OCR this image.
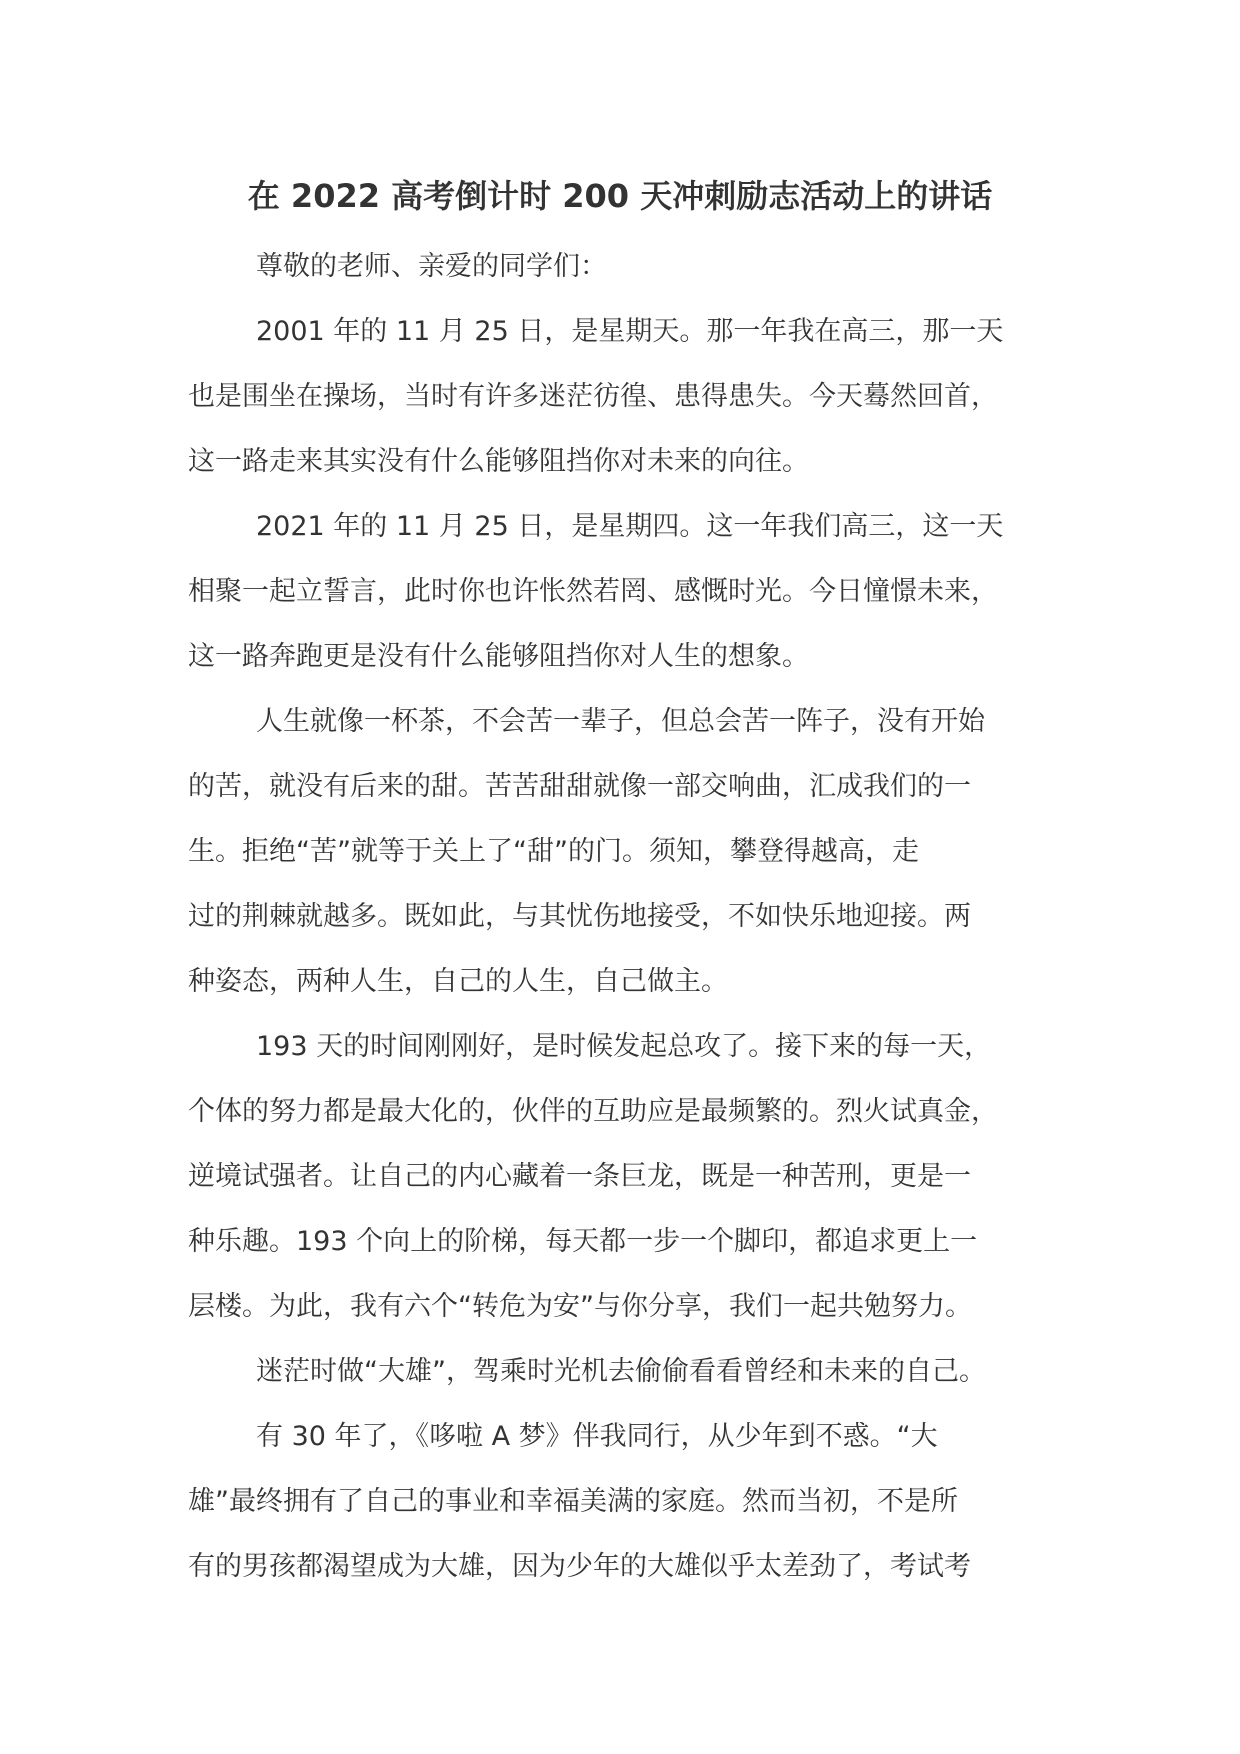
在 2022 高考倒计时 200 天冲刺励志活动上的讲话
尊敬的老师、亲爱的同学们：
2001 年的 11 月 25 日，是星期天。那一年我在高三，那一天
也是围坐在操场，当时有许多迷茫彷徨、患得患失。今天蓦然回首，
这一路走来其实没有什么能够阻挡你对未来的向往。
2021 年的 11 月 25 日，是星期四。这一年我们高三，这一天
相聚一起立誓言，此时你也许怅然若罔、感慨时光。今日憧憬未来，
这一路奔跑更是没有什么能够阻挡你对人生的想象。
人生就像一杯茶，不会苦一辈子，但总会苦一阵子，没有开始
的苦，就没有后来的甜。苦苦甜甜就像一部交响曲，汇成我们的一
生。拒绝“苦”就等于关上了“甜”的门。须知，攀登得越高，走
过的荆棘就越多。既如此，与其忧伤地接受，不如快乐地迎接。两
种姿态，两种人生，自己的人生，自己做主。
193 天的时间刚刚好，是时候发起总攻了。接下来的每一天，
个体的努力都是最大化的，伙伴的互助应是最频繁的。烈火试真金，
逆境试强者。让自己的内心藏着一条巨龙，既是一种苦刑，更是一
种乐趣。193 个向上的阶梯，每天都一步一个脚印，都追求更上一
层楼。为此，我有六个“转危为安”与你分享，我们一起共勉努力。
迷茫时做“大雄”，驾乘时光机去偷偷看看曾经和未来的自己。
有 30 年了，《哆啦 A 梦》伴我同行，从少年到不惑。“大
雄”最终拥有了自己的事业和幸福美满的家庭。然而当初，不是所
有的男孩都渴望成为大雄，因为少年的大雄似乎太差劲了，考试考
